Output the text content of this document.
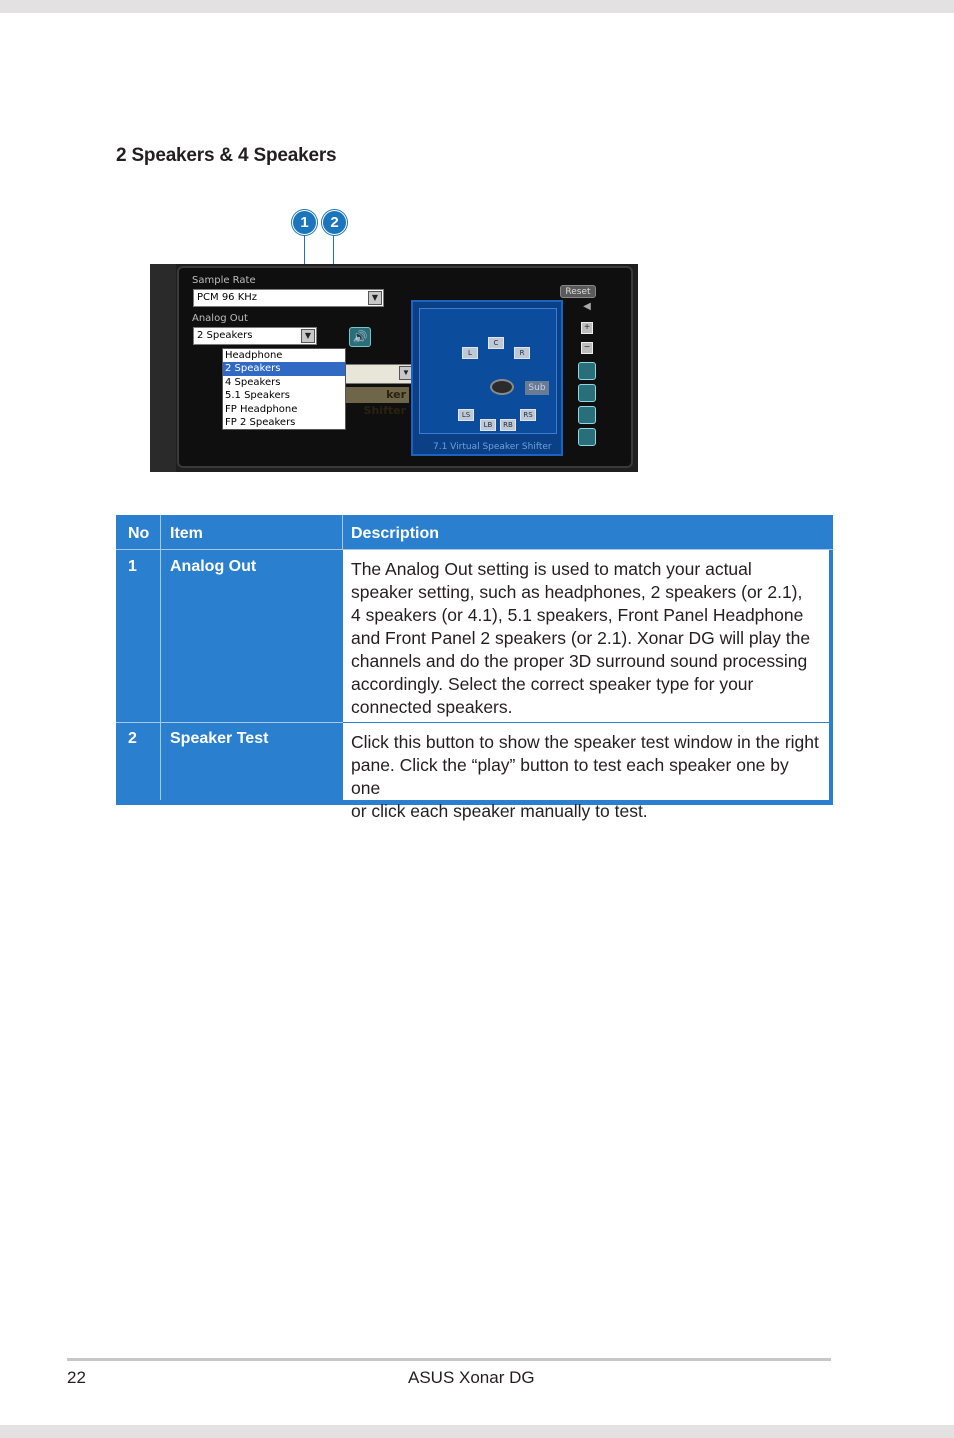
2 Speakers & 4 Speakers
1	2
Sample Rate
PCM 96 KHz	▼
Analog Out
2 Speakers	▼	🔊
▼
ker Shifter
Headphone
2 Speakers
4 Speakers
5.1 Speakers
FP Headphone
FP 2 Speakers
Reset
L
C
R
Sub
LS
LB	RB
RS
7.1 Virtual Speaker Shifter
◀
+
−
No Item	Description
1 Analog Out	The Analog Out setting is used to match your actual
speaker setting, such as headphones, 2 speakers (or 2.1),
4 speakers (or 4.1), 5.1 speakers, Front Panel Headphone
and Front Panel 2 speakers (or 2.1). Xonar DG will play the
channels and do the proper 3D surround sound processing
accordingly. Select the correct speaker type for your
connected speakers.
2 Speaker Test	Click this button to show the speaker test window in the right
pane. Click the “play” button to test each speaker one by one
or click each speaker manually to test.
22	ASUS Xonar DG
